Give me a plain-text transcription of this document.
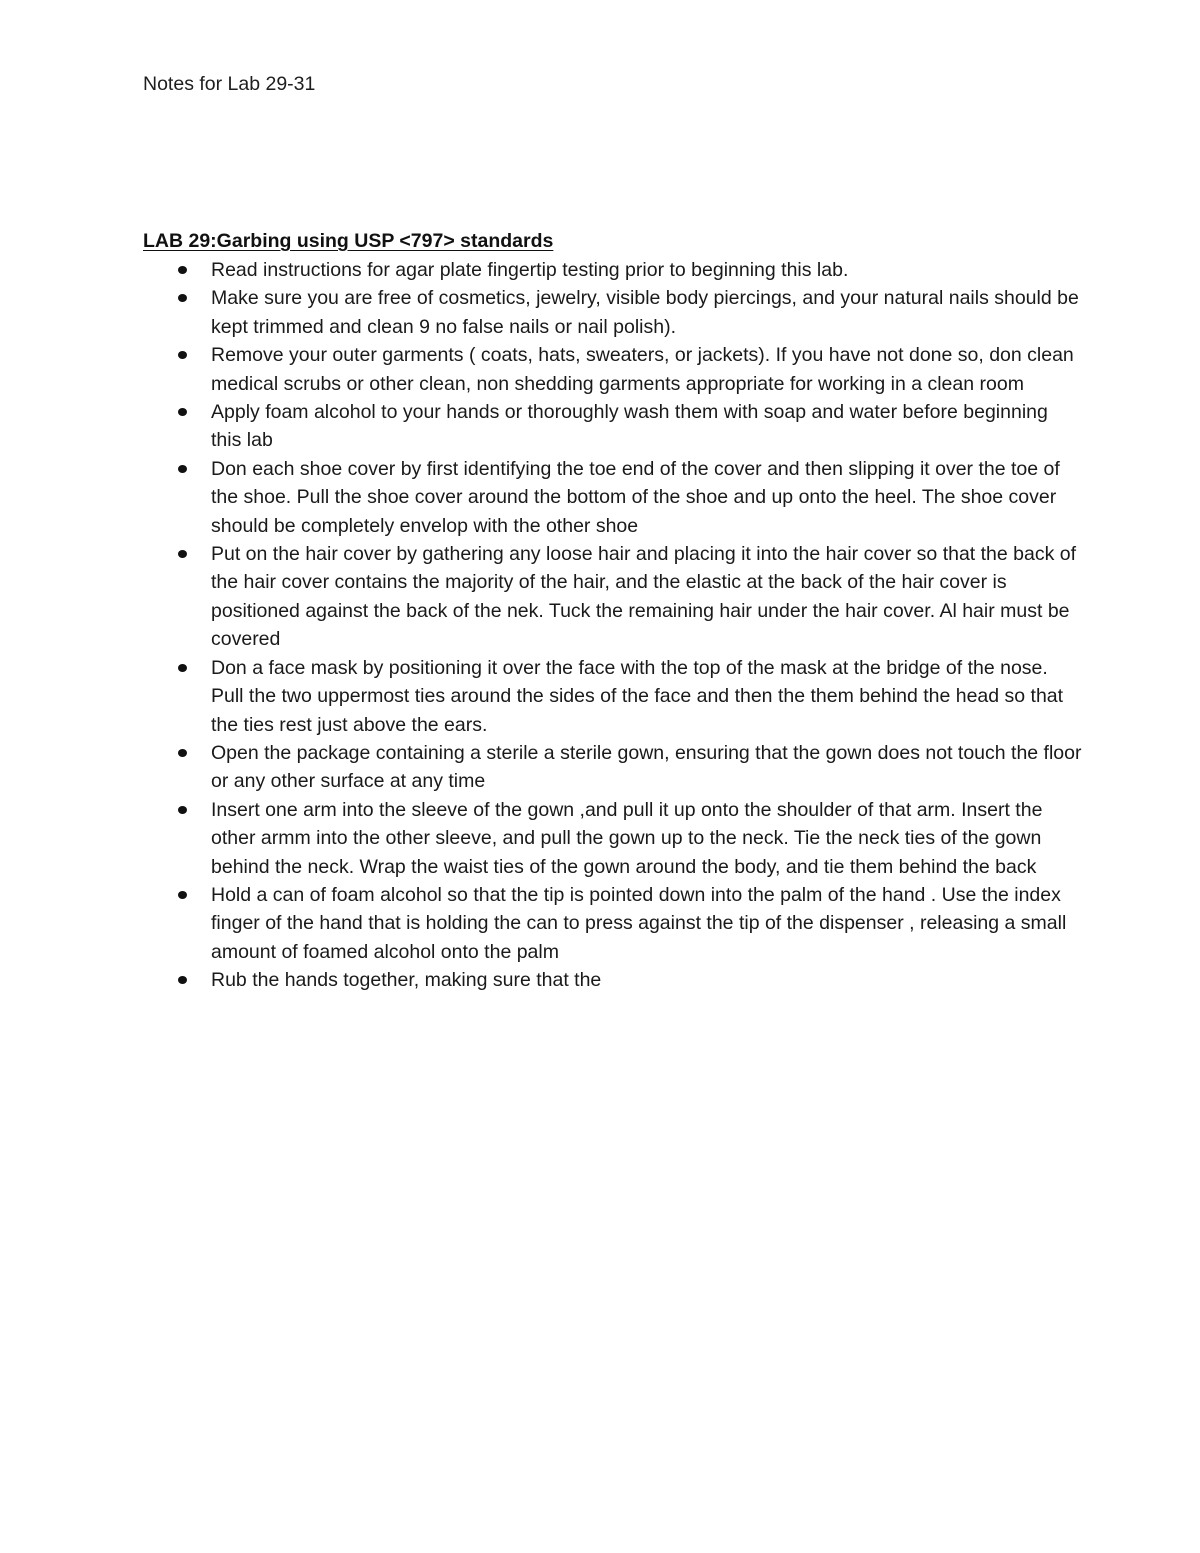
Notes for Lab 29-31
LAB 29:Garbing using USP <797> standards
Read instructions for agar plate fingertip testing prior to beginning this lab.
Make sure you are free of cosmetics, jewelry, visible body piercings, and your natural nails should be kept trimmed and clean 9 no false nails or nail polish).
Remove your outer garments ( coats, hats, sweaters, or jackets). If you have not done so, don clean medical scrubs or other clean, non shedding garments appropriate for working in a clean room
Apply foam alcohol to your hands or thoroughly wash them with soap and water before beginning this lab
Don each shoe cover by first identifying the toe end of the cover and then slipping it over the toe of the shoe. Pull the shoe cover around the bottom of the shoe and up onto the heel. The shoe cover should be completely envelop with the other shoe
Put on the hair cover by gathering any loose hair and placing it into the hair cover so that the back of the hair cover contains the majority of the hair, and the elastic at the back of the hair cover is positioned against the back of the nek. Tuck the remaining hair under the hair cover. Al hair must be covered
Don a face mask by positioning it over the face with the top of the mask at the bridge of the nose. Pull the two uppermost ties around the sides of the face and then the them behind the head so that the ties rest just above the ears.
Open the package containing a sterile a sterile gown, ensuring that the gown does not touch the floor or any other surface at any time
Insert one arm into the sleeve of the gown ,and pull it up onto the shoulder of that arm. Insert the other armm into the other sleeve, and pull the gown up to the neck. Tie the neck ties of the gown behind the neck. Wrap the waist ties of the gown around the body, and tie them behind the back
Hold a can of foam alcohol so that the tip is pointed down into the palm of the hand . Use the index finger of the hand that is holding the can to press against the tip of the dispenser , releasing a small amount of foamed alcohol onto the palm
Rub the hands together, making sure that the
